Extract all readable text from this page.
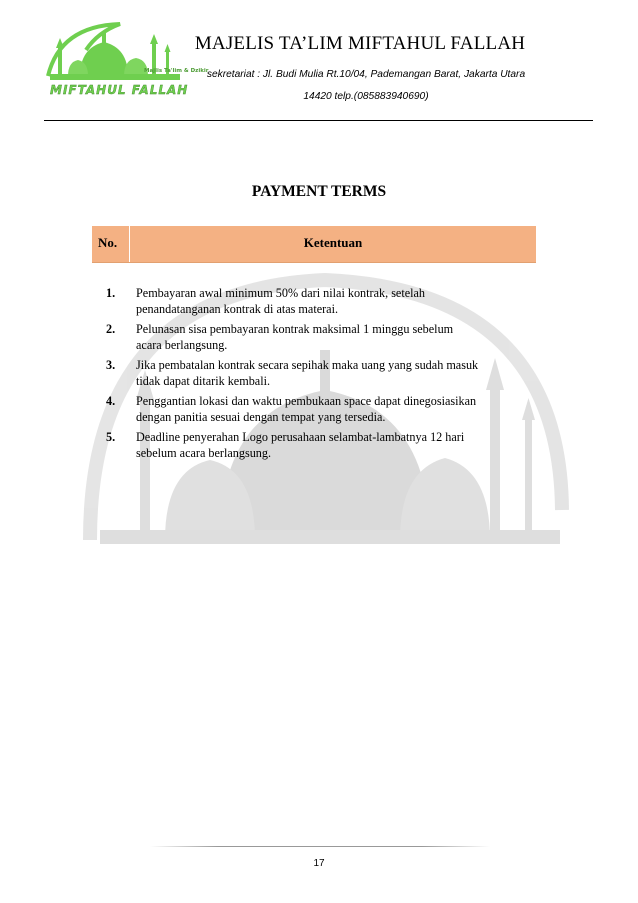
Majlis Ta'lim & Dzikir
MIFTAHUL FALLAH
MAJELIS TA’LIM MIFTAHUL FALLAH
sekretariat : Jl. Budi Mulia Rt.10/04, Pademangan Barat, Jakarta Utara
14420 telp.(085883940690)
PAYMENT TERMS
No.	Ketentuan
1.	Pembayaran awal minimum 50% dari nilai kontrak, setelah
penandatanganan kontrak di atas materai.
2.	Pelunasan sisa pembayaran kontrak maksimal 1 minggu sebelum
acara berlangsung.
3.	Jika pembatalan kontrak secara sepihak maka uang yang sudah masuk
tidak dapat ditarik kembali.
4.	Penggantian lokasi dan waktu pembukaan space dapat dinegosiasikan
dengan panitia sesuai dengan tempat yang tersedia.
5.	Deadline penyerahan Logo perusahaan selambat-lambatnya 12 hari
sebelum acara berlangsung.
17
